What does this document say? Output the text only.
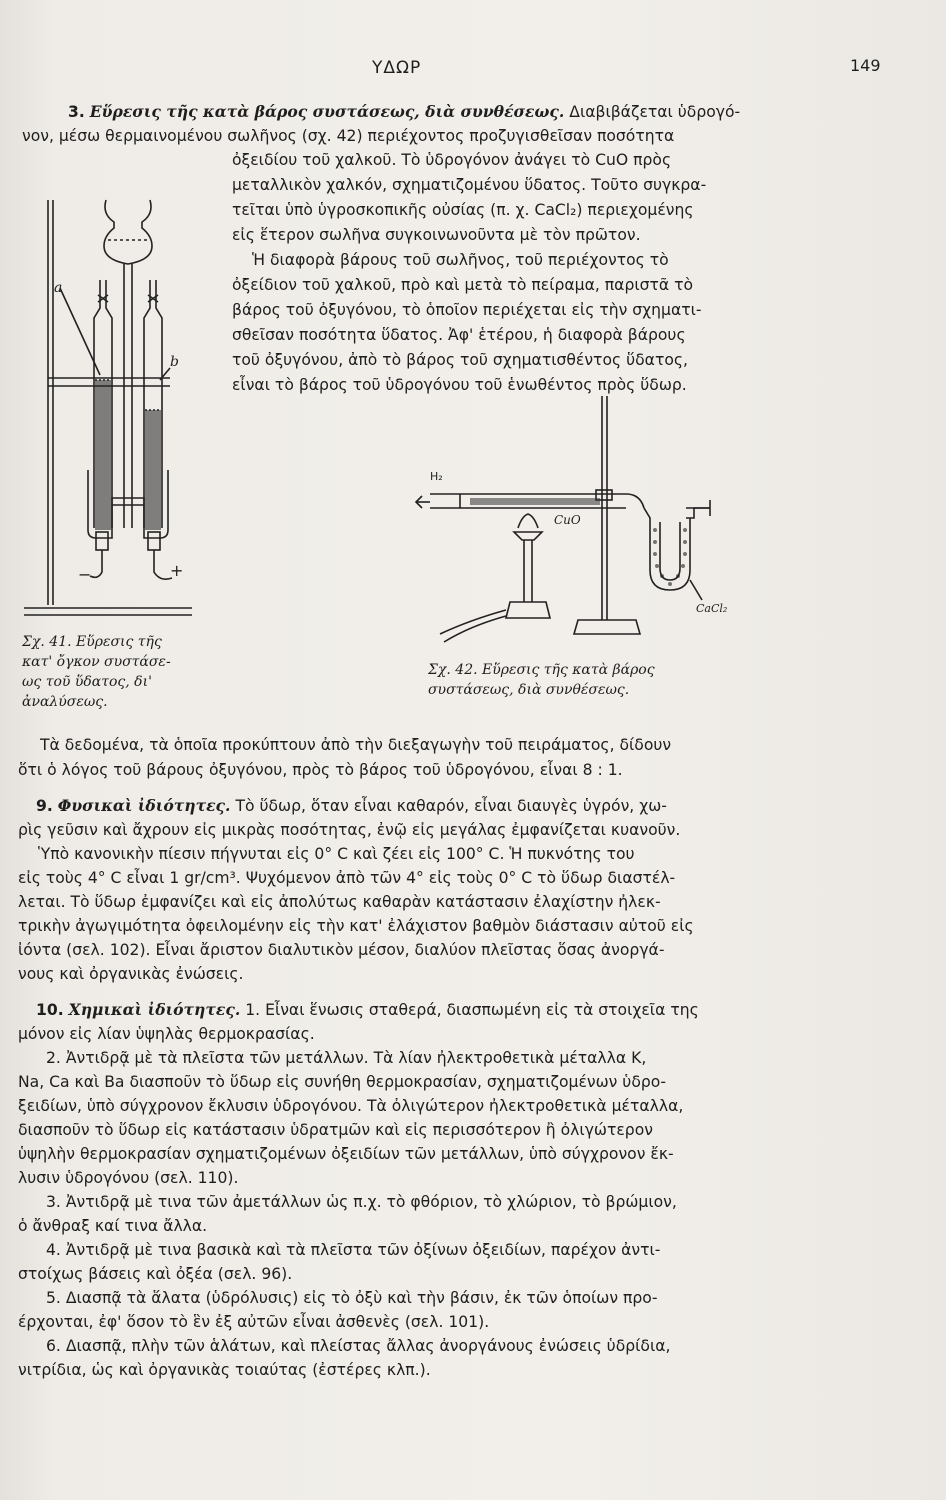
ΥΔΩΡ	149
3. Εὕρεσις τῆς κατὰ βάρος συστάσεως, διὰ συνθέσεως. Διαβιβάζεται ὑδρογό-
νον, μέσω θερμαινομένου σωλῆνος (σχ. 42) περιέχοντος προζυγισθεῖσαν ποσότητα
ὀξειδίου τοῦ χαλκοῦ. Τὸ ὑδρογόνον ἀνάγει τὸ CuO πρὸς
μεταλλικὸν χαλκόν, σχηματιζομένου ὕδατος. Τοῦτο συγκρα-
τεῖται ὑπὸ ὑγροσκοπικῆς οὐσίας (π. χ. CaCl₂) περιεχομένης
εἰς ἕτερον σωλῆνα συγκοινωνοῦντα μὲ τὸν πρῶτον.
Ἡ διαφορὰ βάρους τοῦ σωλῆνος, τοῦ περιέχοντος τὸ
ὀξείδιον τοῦ χαλκοῦ, πρὸ καὶ μετὰ τὸ πείραμα, παριστᾶ τὸ
βάρος τοῦ ὀξυγόνου, τὸ ὁποῖον περιέχεται εἰς τὴν σχηματι-
σθεῖσαν ποσότητα ὕδατος. Ἀφ' ἑτέρου, ἡ διαφορὰ βάρους
τοῦ ὀξυγόνου, ἀπὸ τὸ βάρος τοῦ σχηματισθέντος ὕδατος,
εἶναι τὸ βάρος τοῦ ὑδρογόνου τοῦ ἑνωθέντος πρὸς ὕδωρ.
a
b
−	+
Σχ. 41. Εὕρεσις τῆς
κατ' ὄγκον συστάσε-
ως τοῦ ὕδατος, δι'
ἀναλύσεως.
H₂
CuO
CaCl₂
Σχ. 42. Εὕρεσις τῆς κατὰ βάρος
συστάσεως, διὰ συνθέσεως.
Τὰ δεδομένα, τὰ ὁποῖα προκύπτουν ἀπὸ τὴν διεξαγωγὴν τοῦ πειράματος, δίδουν
ὅτι ὁ λόγος τοῦ βάρους ὀξυγόνου, πρὸς τὸ βάρος τοῦ ὑδρογόνου, εἶναι 8 : 1.
9. Φυσικαὶ ἰδιότητες. Τὸ ὕδωρ, ὅταν εἶναι καθαρόν, εἶναι διαυγὲς ὑγρόν, χω-
ρὶς γεῦσιν καὶ ἄχρουν εἰς μικρὰς ποσότητας, ἐνῷ εἰς μεγάλας ἐμφανίζεται κυανοῦν.
Ὑπὸ κανονικὴν πίεσιν πήγνυται εἰς 0° C καὶ ζέει εἰς 100° C. Ἡ πυκνότης του
εἰς τοὺς 4° C εἶναι 1 gr/cm³. Ψυχόμενον ἀπὸ τῶν 4° εἰς τοὺς 0° C τὸ ὕδωρ διαστέλ-
λεται. Τὸ ὕδωρ ἐμφανίζει καὶ εἰς ἀπολύτως καθαρὰν κατάστασιν ἐλαχίστην ἠλεκ-
τρικὴν ἀγωγιμότητα ὀφειλομένην εἰς τὴν κατ' ἐλάχιστον βαθμὸν διάστασιν αὐτοῦ εἰς
ἰόντα (σελ. 102). Εἶναι ἄριστον διαλυτικὸν μέσον, διαλύον πλεῖστας ὅσας ἀνοργά-
νους καὶ ὀργανικὰς ἐνώσεις.
10. Χημικαὶ ἰδιότητες. 1. Εἶναι ἕνωσις σταθερά, διασπωμένη εἰς τὰ στοιχεῖα της
μόνον εἰς λίαν ὑψηλὰς θερμοκρασίας.
2. Ἀντιδρᾷ μὲ τὰ πλεῖστα τῶν μετάλλων. Τὰ λίαν ἠλεκτροθετικὰ μέταλλα K,
Na, Ca καὶ Ba διασποῦν τὸ ὕδωρ εἰς συνήθη θερμοκρασίαν, σχηματιζομένων ὑδρο-
ξειδίων, ὑπὸ σύγχρονον ἔκλυσιν ὑδρογόνου. Τὰ ὀλιγώτερον ἠλεκτροθετικὰ μέταλλα,
διασποῦν τὸ ὕδωρ εἰς κατάστασιν ὑδρατμῶν καὶ εἰς περισσότερον ἢ ὀλιγώτερον
ὑψηλὴν θερμοκρασίαν σχηματιζομένων ὀξειδίων τῶν μετάλλων, ὑπὸ σύγχρονον ἔκ-
λυσιν ὑδρογόνου (σελ. 110).
3. Ἀντιδρᾷ μὲ τινα τῶν ἀμετάλλων ὡς π.χ. τὸ φθόριον, τὸ χλώριον, τὸ βρώμιον,
ὁ ἄνθραξ καί τινα ἄλλα.
4. Ἀντιδρᾷ μὲ τινα βασικὰ καὶ τὰ πλεῖστα τῶν ὀξίνων ὀξειδίων, παρέχον ἀντι-
στοίχως βάσεις καὶ ὀξέα (σελ. 96).
5. Διασπᾷ τὰ ἅλατα (ὑδρόλυσις) εἰς τὸ ὀξὺ καὶ τὴν βάσιν, ἐκ τῶν ὁποίων προ-
έρχονται, ἐφ' ὅσον τὸ ἓν ἐξ αὐτῶν εἶναι ἀσθενὲς (σελ. 101).
6. Διασπᾷ, πλὴν τῶν ἁλάτων, καὶ πλείστας ἄλλας ἀνοργάνους ἐνώσεις ὑδρίδια,
νιτρίδια, ὡς καὶ ὀργανικὰς τοιαύτας (ἐστέρες κλπ.).
